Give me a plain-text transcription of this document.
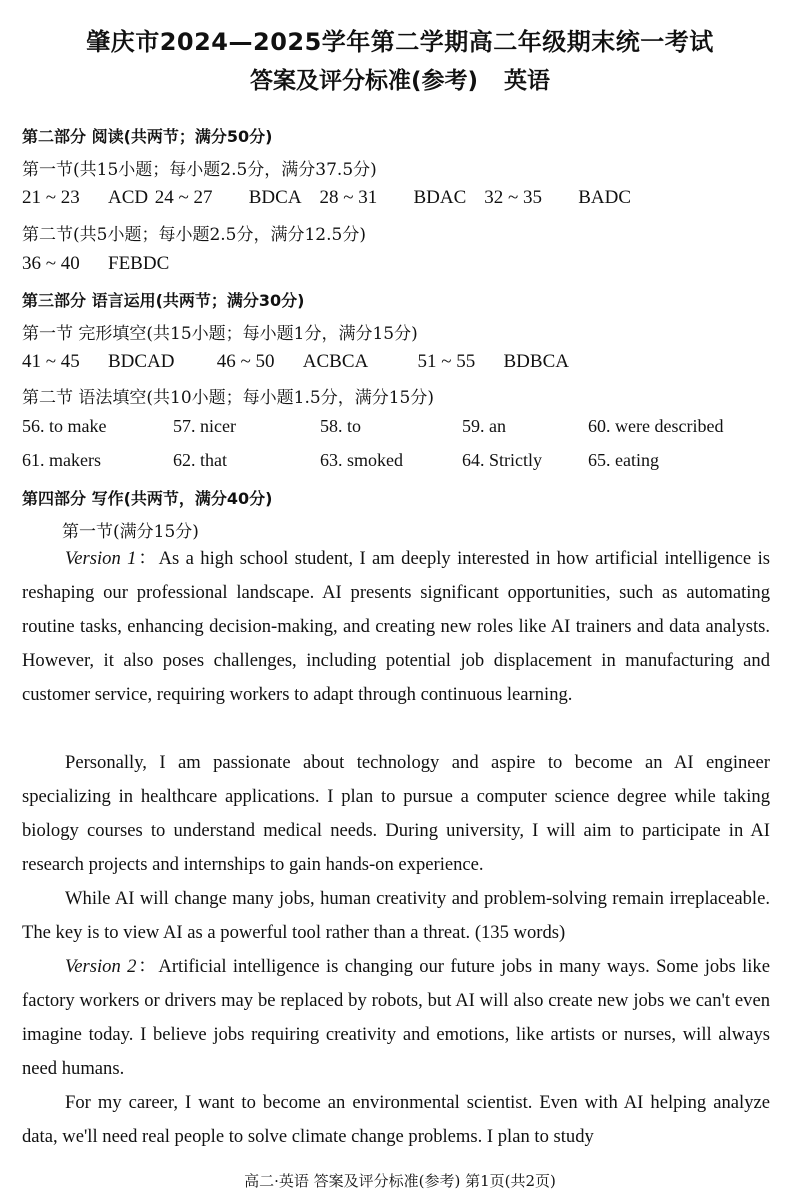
肇庆市2024—2025学年第二学期高二年级期末统一考试
答案及评分标准(参考) 英语
第二部分 阅读(共两节；满分50分)
第一节(共15小题；每小题2.5分，满分37.5分)
21 ~ 23 ACD 24 ~ 27 BDCA 28 ~ 31 BDAC 32 ~ 35 BADC
第二节(共5小题；每小题2.5分，满分12.5分)
36 ~ 40 FEBDC
第三部分 语言运用(共两节；满分30分)
第一节 完形填空(共15小题；每小题1分，满分15分)
41 ~ 45 BDCAD 46 ~ 50 ACBCA	51 ~ 55 BDBCA
第二节 语法填空(共10小题；每小题1.5分，满分15分)
56. to make	57. nicer	58. to	59. an	60. were described
61. makers	62. that	63. smoked	64. Strictly	65. eating
第四部分 写作(共两节，满分40分)
第一节(满分15分)
Version 1：As a high school student, I am deeply interested in how artificial intelligence is reshaping our professional landscape. AI presents significant opportunities, such as automating routine tasks, enhancing decision-making, and creating new roles like AI trainers and data analysts. However, it also poses challenges, including potential job displacement in manufacturing and customer service, requiring workers to adapt through continuous learning.
Personally, I am passionate about technology and aspire to become an AI engineer specializing in healthcare applications. I plan to pursue a computer science degree while taking biology courses to understand medical needs. During university, I will aim to participate in AI research projects and internships to gain hands-on experience.
While AI will change many jobs, human creativity and problem-solving remain irreplaceable. The key is to view AI as a powerful tool rather than a threat. (135 words)
Version 2：Artificial intelligence is changing our future jobs in many ways. Some jobs like factory workers or drivers may be replaced by robots, but AI will also create new jobs we can't even imagine today. I believe jobs requiring creativity and emotions, like artists or nurses, will always need humans.
For my career, I want to become an environmental scientist. Even with AI helping analyze data, we'll need real people to solve climate change problems. I plan to study
高二·英语 答案及评分标准(参考) 第1页(共2页)
